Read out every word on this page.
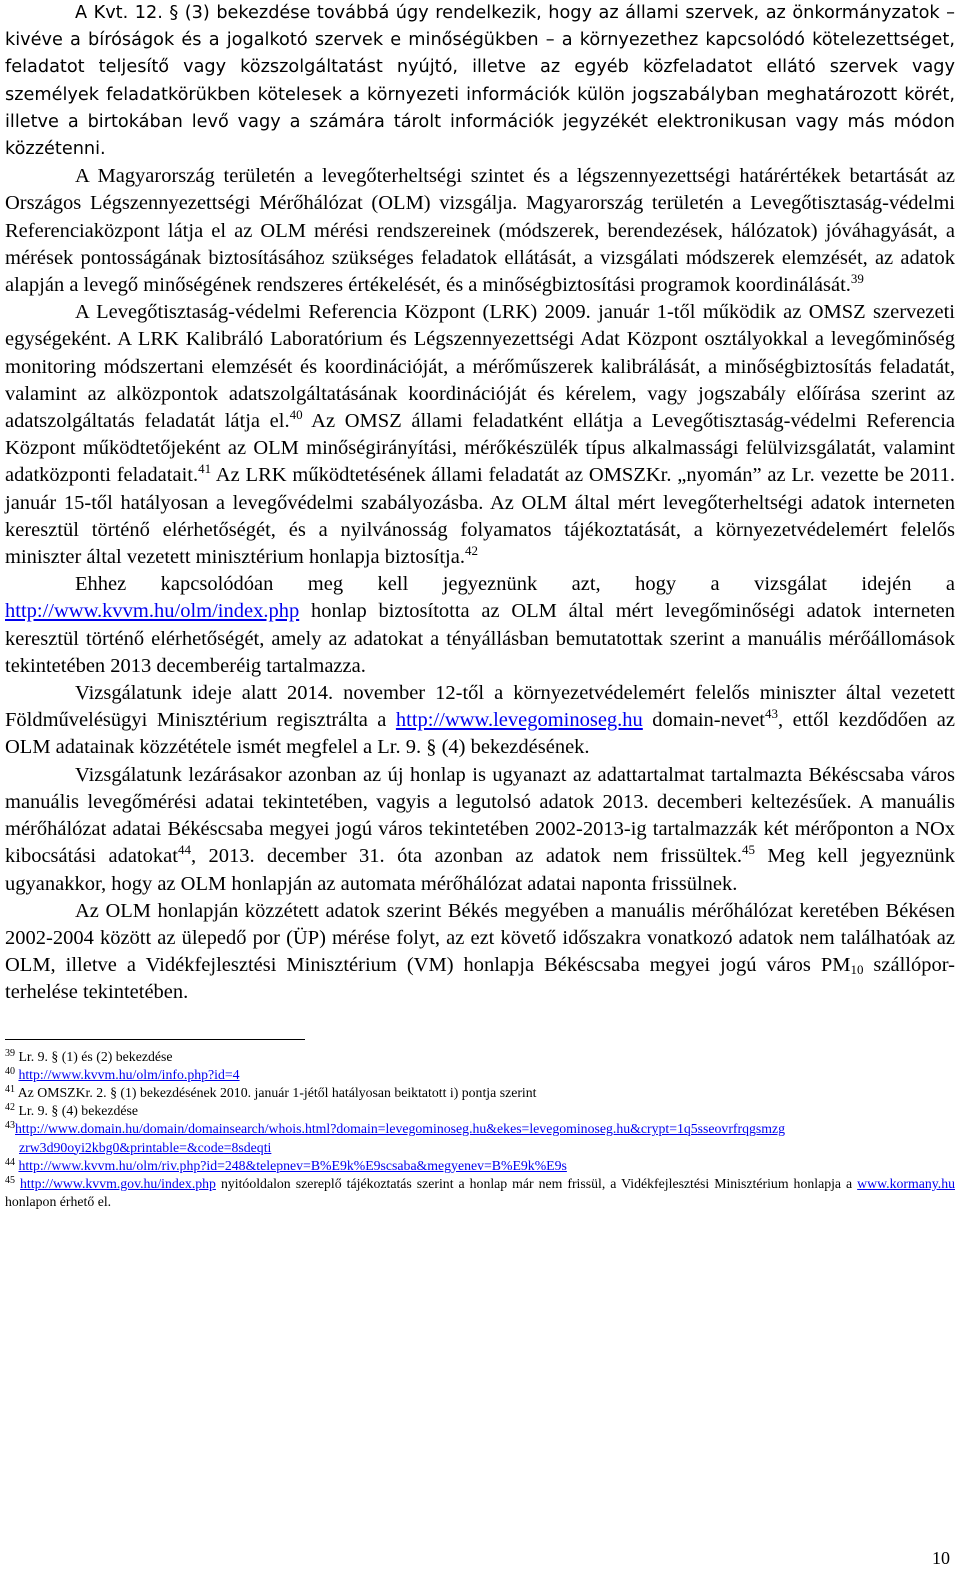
A Kvt. 12. § (3) bekezdése továbbá úgy rendelkezik, hogy az állami szervek, az önkormányzatok – kivéve a bíróságok és a jogalkotó szervek e minőségükben – a környezethez kapcsolódó kötelezettséget, feladatot teljesítő vagy közszolgáltatást nyújtó, illetve az egyéb közfeladatot ellátó szervek vagy személyek feladatkörükben kötelesek a környezeti információk külön jogszabályban meghatározott körét, illetve a birtokában levő vagy a számára tárolt információk jegyzékét elektronikusan vagy más módon közzétenni.

A Magyarország területén a levegőterheltségi szintet és a légszennyezettségi határértékek betartását az Országos Légszennyezettségi Mérőhálózat (OLM) vizsgálja. Magyarország területén a Levegőtisztaság-védelmi Referenciaközpont látja el az OLM mérési rendszereinek (módszerek, berendezések, hálózatok) jóváhagyását, a mérések pontosságának biztosításához szükséges feladatok ellátását, a vizsgálati módszerek elemzését, az adatok alapján a levegő minőségének rendszeres értékelését, és a minőségbiztosítási programok koordinálását.$^{39}$

A Levegőtisztaság-védelmi Referencia Központ (LRK) 2009. január 1-től működik az OMSZ szervezeti egységeként. A LRK Kalibráló Laboratórium és Légszennyezettségi Adat Központ osztályokkal a levegőminőség monitoring módszertani elemzését és koordinációját, a mérőműszerek kalibrálását, a minőségbiztosítás feladatát, valamint az alközpontok adatszolgáltatásának koordinációját és kérelem, vagy jogszabály előírása szerint az adatszolgáltatás feladatát látja el.$^{40}$ Az OMSZ állami feladatként ellátja a Levegőtisztaság-védelmi Referencia Központ működtetőjeként az OLM minőségirányítási, mérőkészülék típus alkalmassági felülvizsgálatát, valamint adatközponti feladatait.$^{41}$ Az LRK működtetésének állami feladatát az OMSZKr. „nyomán” az Lr. vezette be 2011. január 15-től hatályosan a levegővédelmi szabályozásba. Az OLM által mért levegőterheltségi adatok interneten keresztül történő elérhetőségét, és a nyilvánosság folyamatos tájékoztatását, a környezetvédelemért felelős miniszter által vezetett minisztérium honlapja biztosítja.$^{42}$

Ehhez kapcsolódóan meg kell jegyeznünk azt, hogy a vizsgálat idején a http://www.kvvm.hu/olm/index.php honlap biztosította az OLM által mért levegőminőségi adatok interneten keresztül történő elérhetőségét, amely az adatokat a tényállásban bemutatottak szerint a manuális mérőállomások tekintetében 2013 decemberéig tartalmazza.

Vizsgálatunk ideje alatt 2014. november 12-től a környezetvédelemért felelős miniszter által vezetett Földművelésügyi Minisztérium regisztrálta a http://www.levegominoseg.hu domain-nevet$^{43}$, ettől kezdődően az OLM adatainak közzététele ismét megfelel a Lr. 9. § (4) bekezdésének.

Vizsgálatunk lezárásakor azonban az új honlap is ugyanazt az adattartalmat tartalmazta Békéscsaba város manuális levegőmérési adatai tekintetében, vagyis a legutolsó adatok 2013. decemberi keltezésűek. A manuális mérőhálózat adatai Békéscsaba megyei jogú város tekintetében 2002-2013-ig tartalmazzák két mérőponton a NOx kibocsátási adatokat$^{44}$, 2013. december 31. óta azonban az adatok nem frissültek.$^{45}$ Meg kell jegyeznünk ugyanakkor, hogy az OLM honlapján az automata mérőhálózat adatai naponta frissülnek.

Az OLM honlapján közzétett adatok szerint Békés megyében a manuális mérőhálózat keretében Békésen 2002-2004 között az ülepedő por (ÜP) mérése folyt, az ezt követő időszakra vonatkozó adatok nem találhatóak az OLM, illetve a Vidékfejlesztési Minisztérium (VM) honlapja Békéscsaba megyei jogú város $PM_{10}$ szállópor-terhelése tekintetében.

$^{39}$ Lr. 9. § (1) és (2) bekezdése

$^{40}$ http://www.kvvm.hu/olm/info.php?id=4

$^{41}$ Az OMSZKr. 2. § (1) bekezdésének 2010. január 1-jétől hatályosan beiktatott i) pontja szerint

$^{42}$ Lr. 9. § (4) bekezdése

$^{43}$http://www.domain.hu/domain/domainsearch/whois.html?domain=levegominoseg.hu&ekes=levegominoseg.hu&crypt=1q5sseovrfrqgsmzg
zrw3d90oyi2kbg0&printable=&code=8sdeqti

$^{44}$ http://www.kvvm.hu/olm/riv.php?id=248&telepnev=B%E9k%E9scsaba&megyenev=B%E9k%E9s

$^{45}$ http://www.kvvm.gov.hu/index.php nyitóoldalon szereplő tájékoztatás szerint a honlap már nem frissül, a Vidékfejlesztési Minisztérium honlapja a www.kormany.hu honlapon érhető el.

10
